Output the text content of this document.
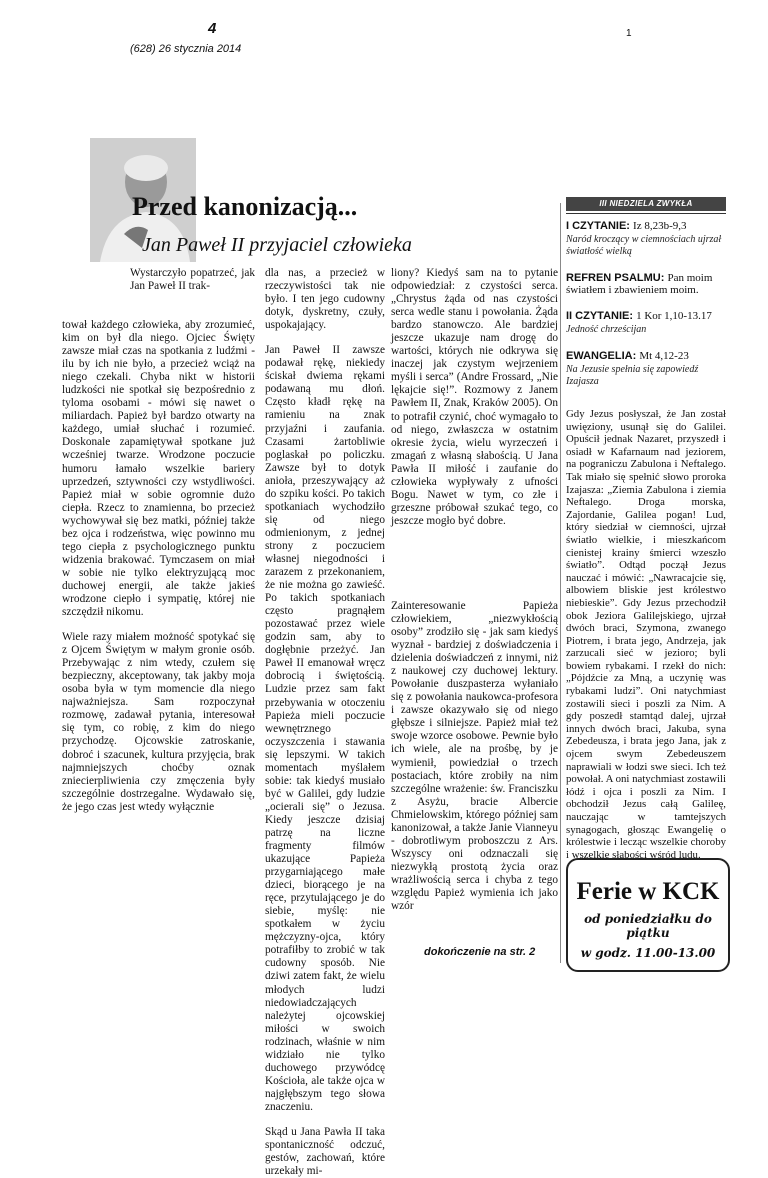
4	1
(628) 26 stycznia 2014
Przed kanonizacją...
Jan Paweł II przyjaciel człowieka

Wystarczyło popatrzeć, jak Jan Paweł II trak-

tował każdego człowieka, aby zrozumieć, kim on był dla niego. Ojciec Święty zawsze miał czas na spotkania z ludźmi - ilu by ich nie było, a przecież wciąż na niego czekali. Chyba nikt w historii ludzkości nie spotkał się bezpośrednio z tyloma osobami - mówi się nawet o miliardach. Papież był bardzo otwarty na każdego, umiał słuchać i rozumieć. Doskonale zapamiętywał spotkane już wcześniej twarze. Wrodzone poczucie humoru łamało wszelkie bariery uprzedzeń, sztywności czy wstydliwości. Papież miał w sobie ogromnie dużo ciepła. Rzecz to znamienna, bo przecież wychowywał się bez matki, później także bez ojca i rodzeństwa, więc powinno mu tego ciepła z psychologicznego punktu widzenia brakować. Tymczasem on miał w sobie nie tylko elektryzującą moc duchowej energii, ale także jakieś wrodzone ciepło i sympatię, której nie szczędził nikomu.

Wiele razy miałem możność spotykać się z Ojcem Świętym w małym gronie osób. Przebywając z nim wtedy, czułem się bezpieczny, akceptowany, tak jakby moja osoba była w tym momencie dla niego najważniejsza. Sam rozpoczynał rozmowę, zadawał pytania, interesował się tym, co robię, z kim do niego przychodzę. Ojcowskie zatroskanie, dobroć i szacunek, kultura przyjęcia, brak najmniejszych choćby oznak zniecierpliwienia czy zmęczenia były szczególnie dostrzegalne. Wydawało się, że jego czas jest wtedy wyłącznie

dla nas, a przecież w rzeczywistości tak nie było. I ten jego cudowny dotyk, dyskretny, czuły, uspokajający.

Jan Paweł II zawsze podawał rękę, niekiedy ściskał dwiema rękami podawaną mu dłoń. Często kładł rękę na ramieniu na znak przyjaźni i zaufania. Czasami żartobliwie poglaskał po policzku. Zawsze był to dotyk anioła, przeszywający aż do szpiku kości. Po takich spotkaniach wychodziło się od niego odmienionym, z jednej strony z poczuciem własnej niegodności i zarazem z przekonaniem, że nie można go zawieść. Po takich spotkaniach często pragnąłem pozostawać przez wiele godzin sam, aby to dogłębnie przeżyć. Jan Paweł II emanował wręcz dobrocią i świętością. Ludzie przez sam fakt przebywania w otoczeniu Papieża mieli poczucie wewnętrznego oczyszczenia i stawania się lepszymi. W takich momentach myślałem sobie: tak kiedyś musiało być w Galilei, gdy ludzie „ocierali się” o Jezusa. Kiedy jeszcze dzisiaj patrzę na liczne fragmenty filmów ukazujące Papieża przygarniającego małe dzieci, biorącego je na ręce, przytulającego je do siebie, myślę: nie spotkałem w życiu mężczyzny-ojca, który potrafiłby to zrobić w tak cudowny sposób. Nie dziwi zatem fakt, że wielu młodych ludzi niedowiadczających należytej ojcowskiej miłości w swoich rodzinach, właśnie w nim widziało nie tylko duchowego przywódcę Kościoła, ale także ojca w najgłębszym tego słowa znaczeniu.

Skąd u Jana Pawła II taka spontaniczność odczuć, gestów, zachowań, które urzekały mi-

liony? Kiedyś sam na to pytanie odpowiedział: z czystości serca. „Chrystus żąda od nas czystości serca wedle stanu i powołania. Żąda bardzo stanowczo. Ale bardziej jeszcze ukazuje nam drogę do wartości, których nie odkrywa się inaczej jak czystym wejrzeniem myśli i serca” (Andre Frossard, „Nie lękajcie się!”. Rozmowy z Janem Pawłem II, Znak, Kraków 2005). On to potrafił czynić, choć wymagało to od niego, zwłaszcza w ostatnim okresie życia, wielu wyrzeczeń i zmagań z własną słabością. U Jana Pawła II miłość i zaufanie do człowieka wypływały z ufności Bogu. Nawet w tym, co złe i grzeszne próbował szukać tego, co jeszcze mogło być dobre.

Zainteresowanie Papieża człowiekiem, „niezwykłością osoby” zrodziło się - jak sam kiedyś wyznał - bardziej z doświadczenia i dzielenia doświadczeń z innymi, niż z naukowej czy duchowej lektury. Powołanie duszpasterza wyłaniało się z powołania naukowca-profesora i zawsze okazywało się od niego głębsze i silniejsze. Papież miał też swoje wzorce osobowe. Pewnie było ich wiele, ale na prośbę, by je wymienił, powiedział o trzech postaciach, które zrobiły na nim szczególne wrażenie: św. Franciszku z Asyżu, bracie Albercie Chmielowskim, którego później sam kanonizował, a także Janie Vianneyu - dobrotliwym proboszczu z Ars. Wszyscy oni odznaczali się niezwykłą prostotą życia oraz wrażliwością serca i chyba z tego względu Papież wymienia ich jako wzór

dokończenie na str. 2
III NIEDZIELA ZWYKŁA
I CZYTANIE: Iz 8,23b-9,3
Naród kroczący w ciemnościach ujrzał światłość wielką
REFREN PSALMU: Pan moim światłem i zbawieniem moim.
II CZYTANIE: 1 Kor 1,10-13.17
Jedność chrześcijan
EWANGELIA: Mt 4,12-23
Na Jezusie spełnia się zapowiedź Izajasza
Gdy Jezus posłyszał, że Jan został uwięziony, usunął się do Galilei. Opuścił jednak Nazaret, przyszedł i osiadł w Kafarnaum nad jeziorem, na pograniczu Zabulona i Neftalego. Tak miało się spełnić słowo proroka Izajasza: „Ziemia Zabulona i ziemia Neftalego. Droga morska, Zajordanie, Galilea pogan! Lud, który siedział w ciemności, ujrzał światło wielkie, i mieszkańcom cienistej krainy śmierci wzeszło światło”. Odtąd począł Jezus nauczać i mówić: „Nawracajcie się, albowiem bliskie jest królestwo niebieskie”. Gdy Jezus przechodził obok Jeziora Galilejskiego, ujrzał dwóch braci, Szymona, zwanego Piotrem, i brata jego, Andrzeja, jak zarzucali sieć w jezioro; byli bowiem rybakami. I rzekł do nich: „Pójdźcie za Mną, a uczynię was rybakami ludzi”. Oni natychmiast zostawili sieci i poszli za Nim. A gdy poszedł stamtąd dalej, ujrzał innych dwóch braci, Jakuba, syna Zebedeusza, i brata jego Jana, jak z ojcem swym Zebedeuszem naprawiali w łodzi swe sieci. Ich też powołał. A oni natychmiast zostawili łódź i ojca i poszli za Nim. I obchodził Jezus całą Galileę, nauczając w tamtejszych synagogach, głosząc Ewangelię o królestwie i lecząc wszelkie choroby i wszelkie słabości wśród ludu.
Ferie w KCK
od poniedziałku do piątku
w godz. 11.00-13.00
